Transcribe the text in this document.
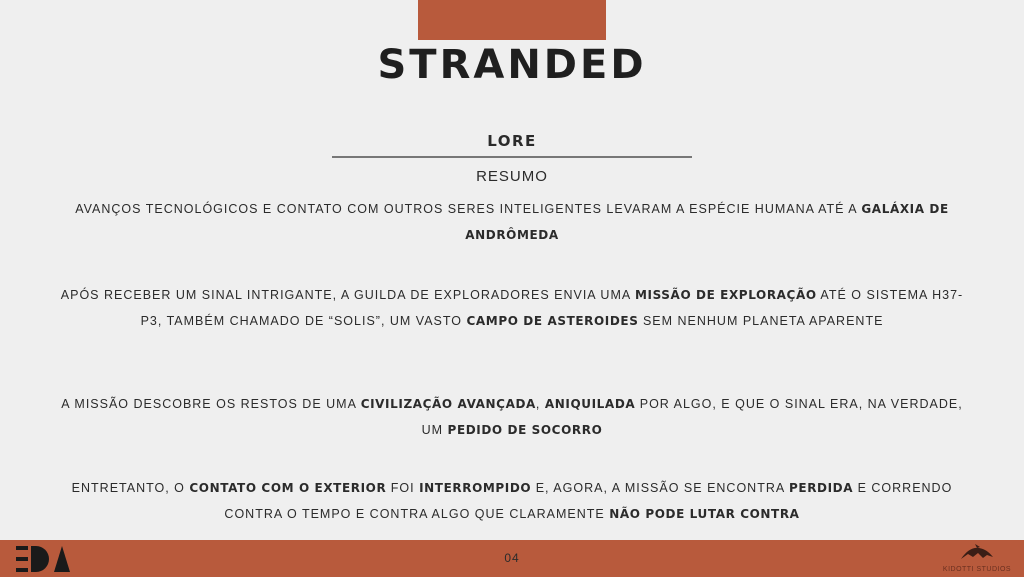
STRANDED
LORE
RESUMO
AVANÇOS TECNOLÓGICOS E CONTATO COM OUTROS SERES INTELIGENTES LEVARAM A ESPÉCIE HUMANA ATÉ A GALÁXIA DE ANDRÔMEDA
APÓS RECEBER UM SINAL INTRIGANTE, A GUILDA DE EXPLORADORES ENVIA UMA MISSÃO DE EXPLORAÇÃO ATÉ O SISTEMA H37-P3, TAMBÉM CHAMADO DE “SOLIS”, UM VASTO CAMPO DE ASTEROIDES SEM NENHUM PLANETA APARENTE
A MISSÃO DESCOBRE OS RESTOS DE UMA CIVILIZAÇÃO AVANÇADA, ANIQUILADA POR ALGO, E QUE O SINAL ERA, NA VERDADE, UM PEDIDO DE SOCORRO
ENTRETANTO, O CONTATO COM O EXTERIOR FOI INTERROMPIDO E, AGORA, A MISSÃO SE ENCONTRA PERDIDA E CORRENDO CONTRA O TEMPO E CONTRA ALGO QUE CLARAMENTE NÃO PODE LUTAR CONTRA
04
KIDOTTI STUDIOS
